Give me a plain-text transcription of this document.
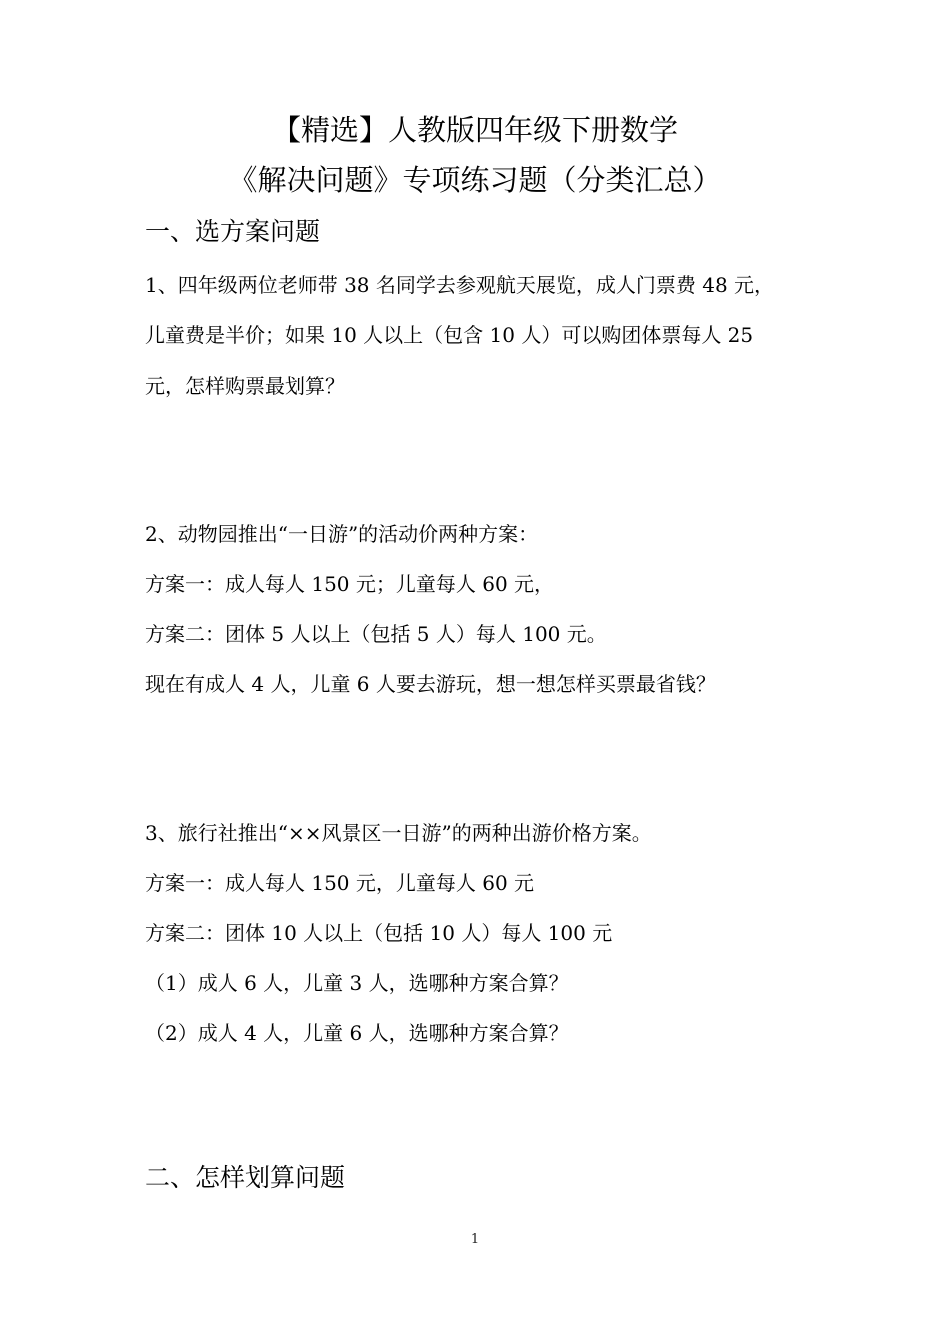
【精选】人教版四年级下册数学
《解决问题》专项练习题（分类汇总）
一、选方案问题
1、四年级两位老师带 38 名同学去参观航天展览，成人门票费 48 元，
儿童费是半价；如果 10 人以上（包含 10 人）可以购团体票每人 25
元，怎样购票最划算？
2、动物园推出“一日游”的活动价两种方案：
方案一：成人每人 150 元；儿童每人 60 元，
方案二：团体 5 人以上（包括 5 人）每人 100 元。
现在有成人 4 人，儿童 6 人要去游玩，想一想怎样买票最省钱？
3、旅行社推出“××风景区一日游”的两种出游价格方案。
方案一：成人每人 150 元，儿童每人 60 元
方案二：团体 10 人以上（包括 10 人）每人 100 元
（1）成人 6 人，儿童 3 人，选哪种方案合算？
（2）成人 4 人，儿童 6 人，选哪种方案合算？
二、怎样划算问题
1
